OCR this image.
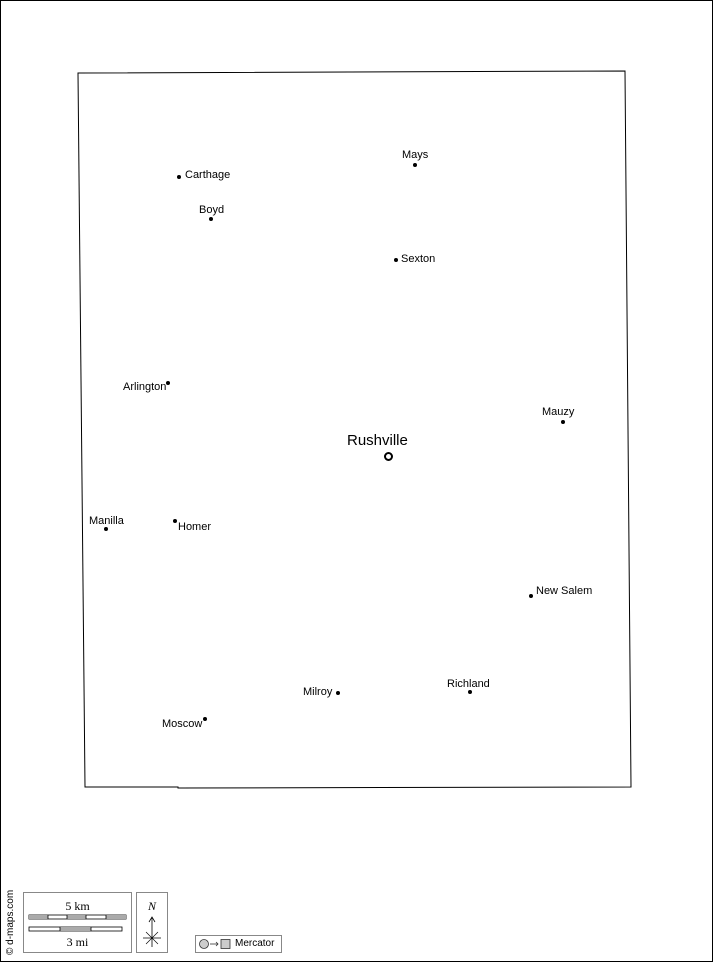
Rushville
Mays
Carthage
Boyd
Sexton
Arlington
Mauzy
Manilla	Homer
New Salem
Milroy
Richland
Moscow
© d-maps.com	5 km
3 mi
N
Mercator
